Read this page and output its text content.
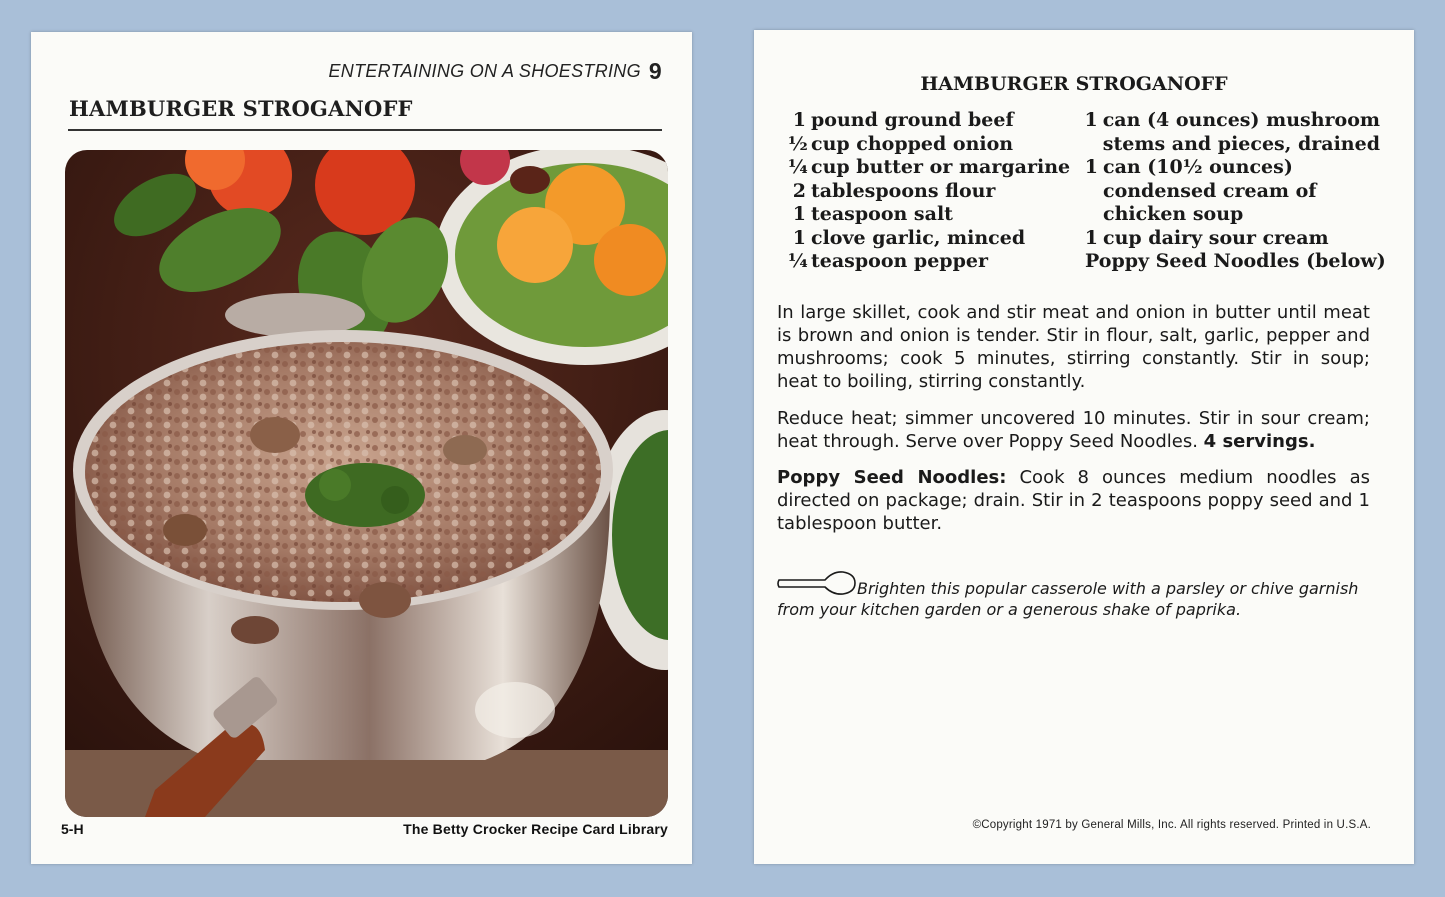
ENTERTAINING ON A SHOESTRING 9
HAMBURGER STROGANOFF
5-H	The Betty Crocker Recipe Card Library
HAMBURGER STROGANOFF
1 pound ground beef
½ cup chopped onion
¼ cup butter or margarine
2 tablespoons flour
1 teaspoon salt
1 clove garlic, minced
¼ teaspoon pepper
1 can (4 ounces) mushroom
stems and pieces, drained
1 can (10½ ounces)
condensed cream of
chicken soup
1 cup dairy sour cream
Poppy Seed Noodles (below)
In large skillet, cook and stir meat and onion in butter until meat is brown and onion is tender. Stir in flour, salt, garlic, pepper and mushrooms; cook 5 minutes, stirring constantly. Stir in soup; heat to boiling, stirring constantly.
Reduce heat; simmer uncovered 10 minutes. Stir in sour cream; heat through. Serve over Poppy Seed Noodles. 4 servings.
Poppy Seed Noodles: Cook 8 ounces medium noodles as directed on package; drain. Stir in 2 teaspoons poppy seed and 1 tablespoon butter.
Brighten this popular casserole with a parsley or chive garnish from your kitchen garden or a generous shake of paprika.
©Copyright 1971 by General Mills, Inc. All rights reserved. Printed in U.S.A.
